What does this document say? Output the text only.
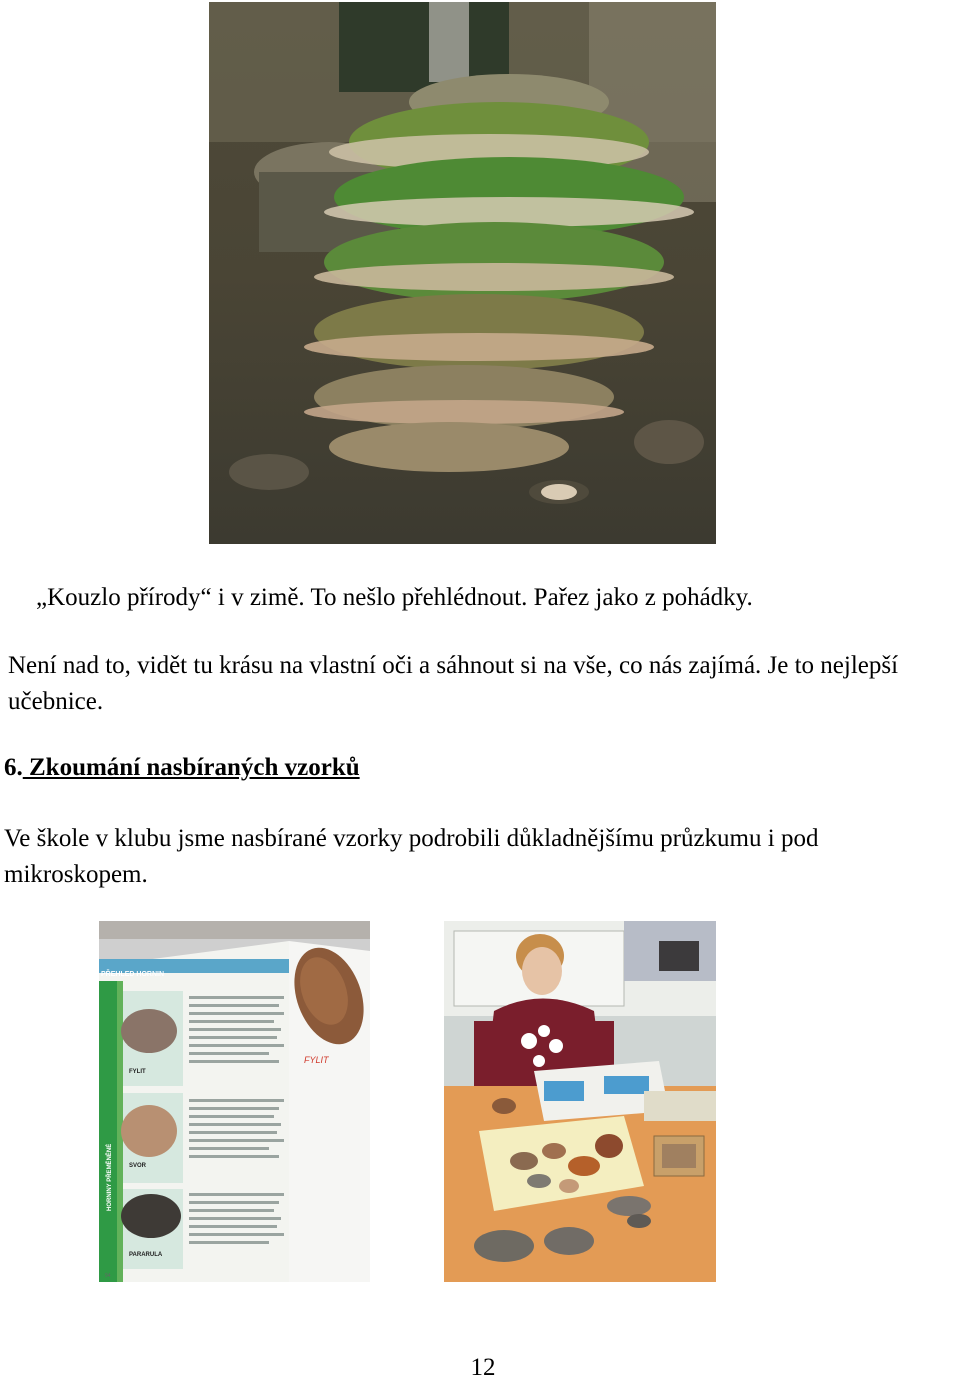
„Kouzlo přírody“ i v zimě. To nešlo přehlédnout. Pařez jako z pohádky.
Není nad to, vidět tu krásu na vlastní oči a sáhnout si na vše, co nás zajímá. Je to nejlepší učebnice.
6. Zkoumání nasbíraných vzorků
Ve škole v klubu jsme nasbírané vzorky podrobili důkladnějšímu průzkumu i pod mikroskopem.
PŘEHLED HORNIN
FYLIT
SVOR
PARARULA
HORNINY PŘEMĚNĚNÉ
FYLIT
94
12
